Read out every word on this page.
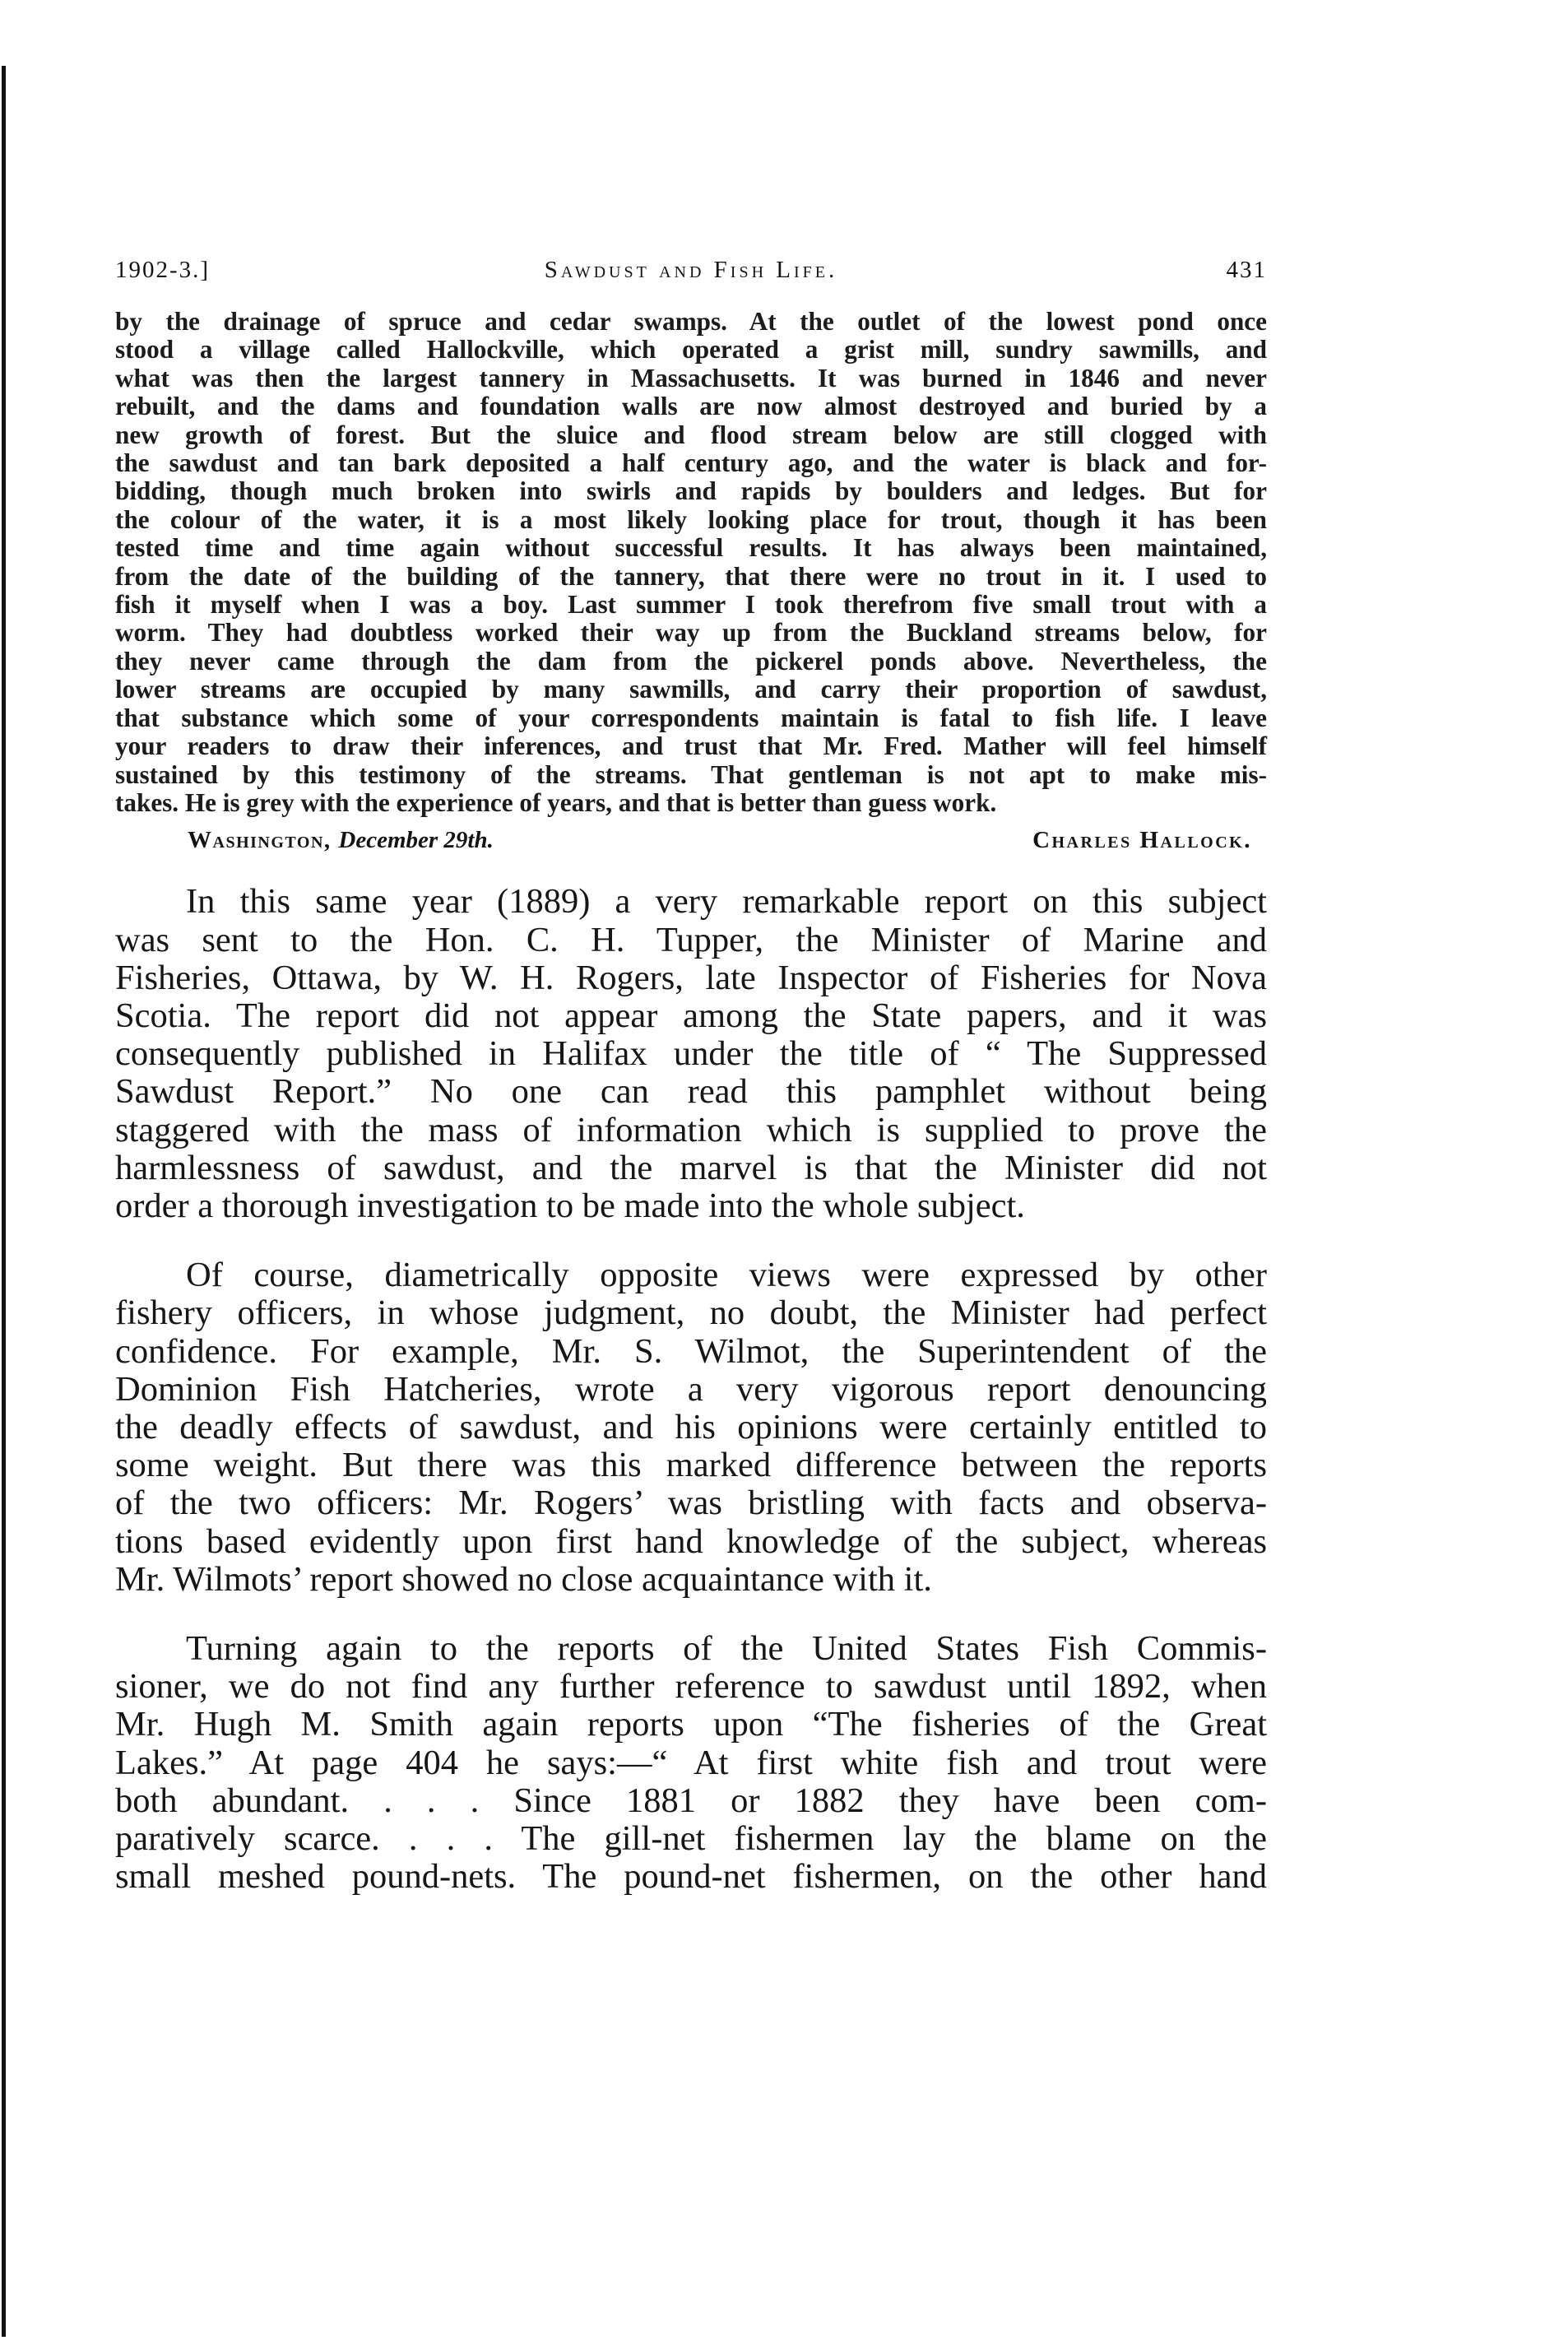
1902-3.]	Sawdust and Fish Life.	431
by the drainage of spruce and cedar swamps. At the outlet of the lowest pond once
stood a village called Hallockville, which operated a grist mill, sundry sawmills, and
what was then the largest tannery in Massachusetts. It was burned in 1846 and never
rebuilt, and the dams and foundation walls are now almost destroyed and buried by a
new growth of forest. But the sluice and flood stream below are still clogged with
the sawdust and tan bark deposited a half century ago, and the water is black and for-
bidding, though much broken into swirls and rapids by boulders and ledges. But for
the colour of the water, it is a most likely looking place for trout, though it has been
tested time and time again without successful results. It has always been maintained,
from the date of the building of the tannery, that there were no trout in it. I used to
fish it myself when I was a boy. Last summer I took therefrom five small trout with a
worm. They had doubtless worked their way up from the Buckland streams below, for
they never came through the dam from the pickerel ponds above. Nevertheless, the
lower streams are occupied by many sawmills, and carry their proportion of sawdust,
that substance which some of your correspondents maintain is fatal to fish life. I leave
your readers to draw their inferences, and trust that Mr. Fred. Mather will feel himself
sustained by this testimony of the streams. That gentleman is not apt to make mis-
takes. He is grey with the experience of years, and that is better than guess work.
Washington, December 29th.	Charles Hallock.
In this same year (1889) a very remarkable report on this subject
was sent to the Hon. C. H. Tupper, the Minister of Marine and
Fisheries, Ottawa, by W. H. Rogers, late Inspector of Fisheries for Nova
Scotia. The report did not appear among the State papers, and it was
consequently published in Halifax under the title of “ The Suppressed
Sawdust Report.” No one can read this pamphlet without being
staggered with the mass of information which is supplied to prove the
harmlessness of sawdust, and the marvel is that the Minister did not
order a thorough investigation to be made into the whole subject.
Of course, diametrically opposite views were expressed by other
fishery officers, in whose judgment, no doubt, the Minister had perfect
confidence. For example, Mr. S. Wilmot, the Superintendent of the
Dominion Fish Hatcheries, wrote a very vigorous report denouncing
the deadly effects of sawdust, and his opinions were certainly entitled to
some weight. But there was this marked difference between the reports
of the two officers: Mr. Rogers’ was bristling with facts and observa-
tions based evidently upon first hand knowledge of the subject, whereas
Mr. Wilmots’ report showed no close acquaintance with it.
Turning again to the reports of the United States Fish Commis-
sioner, we do not find any further reference to sawdust until 1892, when
Mr. Hugh M. Smith again reports upon “The fisheries of the Great
Lakes.” At page 404 he says:—“ At first white fish and trout were
both abundant. . . . Since 1881 or 1882 they have been com-
paratively scarce. . . . The gill-net fishermen lay the blame on the
small meshed pound-nets. The pound-net fishermen, on the other hand
